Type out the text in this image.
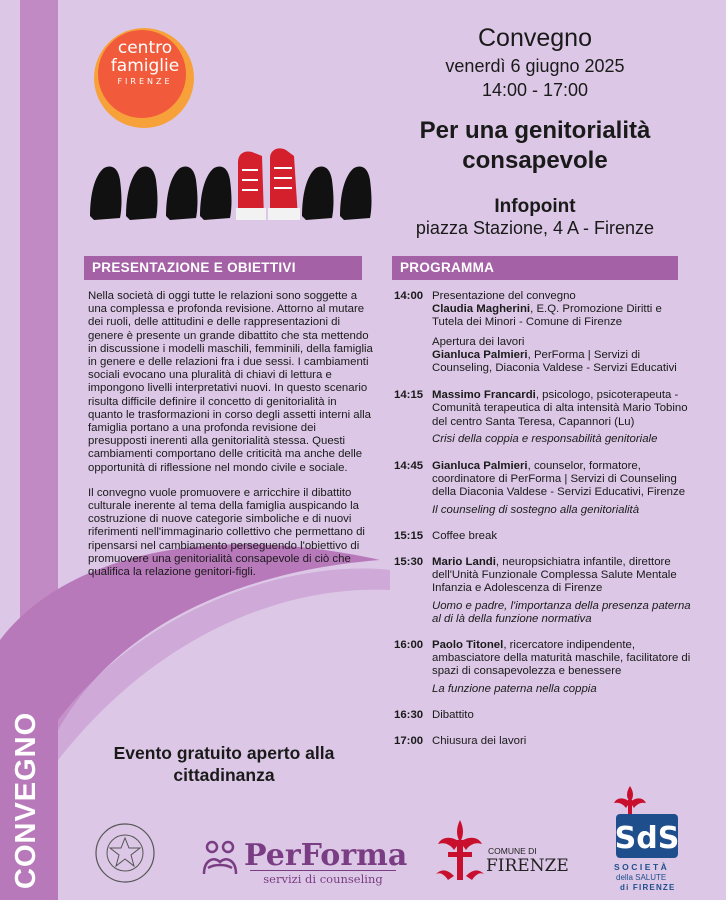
CONVEGNO
centro
famiglie
FIRENZE
Convegno
venerdì 6 giugno 2025
14:00 - 17:00
Per una genitorialità consapevole
Infopoint
piazza Stazione, 4 A - Firenze
PRESENTAZIONE E OBIETTIVI	PROGRAMMA

Nella società di oggi tutte le relazioni sono soggette a una complessa e profonda revisione. Attorno al mutare dei ruoli, delle attitudini e delle rappresentazioni di genere è presente un grande dibattito che sta mettendo in discussione i modelli maschili, femminili, della famiglia in genere e delle relazioni fra i due sessi. I cambiamenti sociali evocano una pluralità di chiavi di lettura e impongono livelli interpretativi nuovi. In questo scenario risulta difficile definire il concetto di genitorialità in quanto le trasformazioni in corso degli assetti interni alla famiglia portano a una profonda revisione dei presupposti inerenti alla genitorialità stessa. Questi cambiamenti comportano delle criticità ma anche delle opportunità di riflessione nel mondo civile e sociale.

Il convegno vuole promuovere e arricchire il dibattito culturale inerente al tema della famiglia auspicando la costruzione di nuove categorie simboliche e di nuovi riferimenti nell'immaginario collettivo che permettano di ripensarsi nel cambiamento perseguendo l'obiettivo di promuovere una genitorialità consapevole di ciò che qualifica la relazione genitori-figli.

14:00 Presentazione del convegno
Claudia Magherini, E.Q. Promozione Diritti e Tutela dei Minori - Comune di Firenze
Apertura dei lavori
Gianluca Palmieri, PerForma | Servizi di Counseling, Diaconia Valdese - Servizi Educativi
14:15 Massimo Francardi, psicologo, psicoterapeuta - Comunità terapeutica di alta intensità Mario Tobino del centro Santa Teresa, Capannori (Lu)
Crisi della coppia e responsabilità genitoriale
14:45 Gianluca Palmieri, counselor, formatore, coordinatore di PerForma | Servizi di Counseling della Diaconia Valdese - Servizi Educativi, Firenze
Il counseling di sostegno alla genitorialità
15:15 Coffee break
15:30 Mario Landi, neuropsichiatra infantile, direttore dell'Unità Funzionale Complessa Salute Mentale Infanzia e Adolescenza di Firenze
Uomo e padre, l'importanza della presenza paterna al di là della funzione normativa
16:00 Paolo Titonel, ricercatore indipendente, ambasciatore della maturità maschile, facilitatore di spazi di consapevolezza e benessere
La funzione paterna nella coppia
16:30 Dibattito
17:00 Chiusura dei lavori
Evento gratuito aperto alla cittadinanza
PerForma
servizi di counseling
COMUNE DI
FIRENZE
SdS
SOCIETÀ
della SALUTE
di FIRENZE
